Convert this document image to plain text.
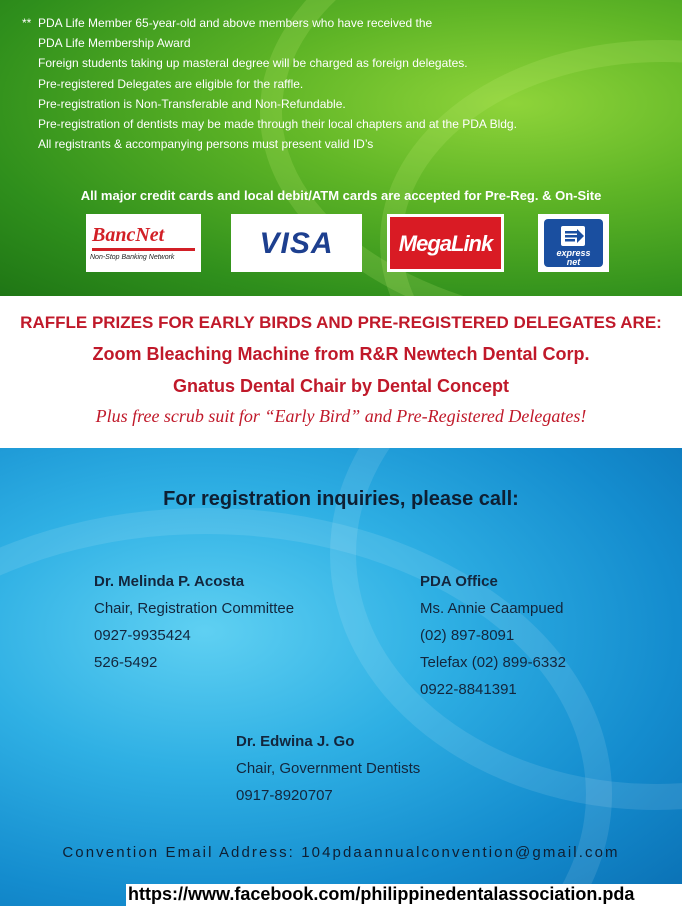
** PDA Life Member 65-year-old and above members who have received the
PDA Life Membership Award
Foreign students taking up masteral degree will be charged as foreign delegates.
Pre-registered Delegates are eligible for the raffle.
Pre-registration is Non-Transferable and Non-Refundable.
Pre-registration of dentists may be made through their local chapters and at the PDA Bldg.
All registrants & accompanying persons must present valid ID’s
All major credit cards and local debit/ATM cards are accepted for Pre-Reg. & On-Site
BancNet
Non-Stop Banking Network	VISA	MegaLink	express
net
RAFFLE PRIZES FOR EARLY BIRDS AND PRE-REGISTERED DELEGATES ARE:
Zoom Bleaching Machine from R&R Newtech Dental Corp.
Gnatus Dental Chair by Dental Concept
Plus free scrub suit for “Early Bird” and Pre-Registered Delegates!
For registration inquiries, please call:
Dr. Melinda P. Acosta
Chair, Registration Committee
0927-9935424
526-5492
PDA Office
Ms. Annie Caampued
(02) 897-8091
Telefax (02) 899-6332
0922-8841391
Dr. Edwina J. Go
Chair, Government Dentists
0917-8920707
Convention Email Address: 104pdaannualconvention@gmail.com
https://www.facebook.com/philippinedentalassociation.pda
